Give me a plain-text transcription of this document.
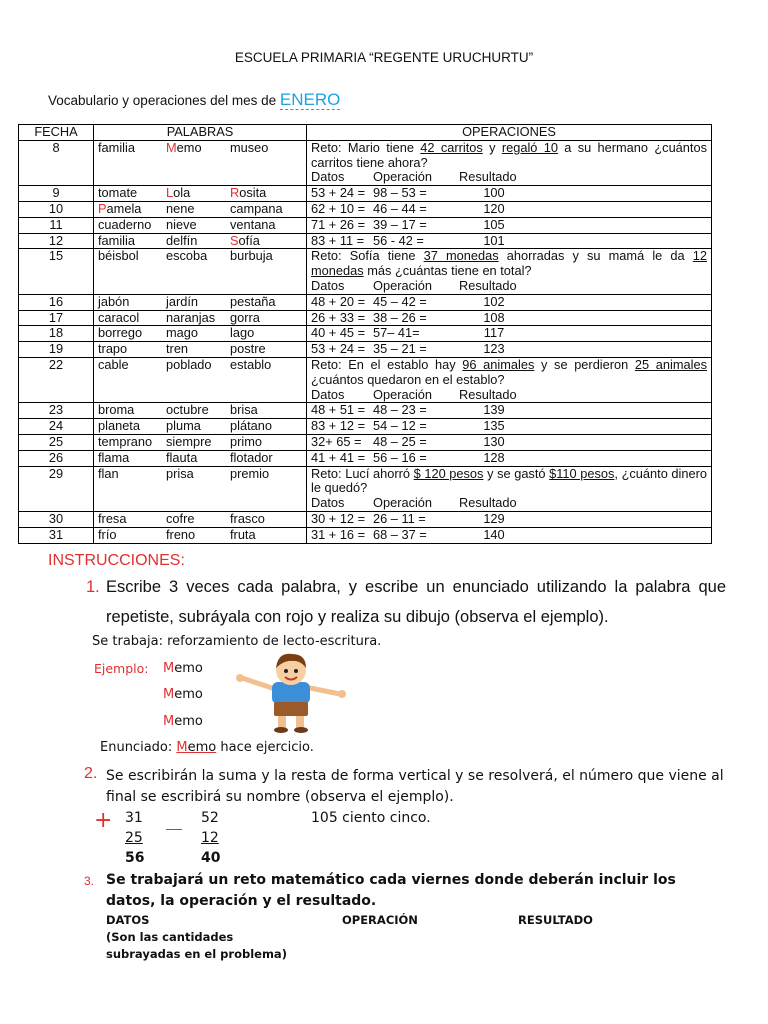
ESCUELA PRIMARIA “REGENTE URUCHURTU”
Vocabulario y operaciones del mes de ENERO
FECHA	PALABRAS	OPERACIONES
8	familia Memo museo	Reto: Mario tiene 42 carritos y regaló 10 a su hermano ¿cuántos carritos tiene ahora?
Datos Operación Resultado

9	tomate Lola Rosita	53 + 24 = 98 – 53 = 100

10	Pamela nene campana	62 + 10 = 46 – 44 = 120

11	cuaderno nieve ventana	71 + 26 = 39 – 17 = 105

12	familia delfín Sofía	83 + 11 = 56 - 42 = 101

15	béisbol escoba burbuja	Reto: Sofía tiene 37 monedas ahorradas y su mamá le da 12 monedas más ¿cuántas tiene en total?
Datos Operación Resultado

16	jabón jardín pestaña	48 + 20 = 45 – 42 = 102

17	caracol naranjas gorra	26 + 33 = 38 – 26 = 108

18	borrego mago lago	40 + 45 = 57– 41= 117

19	trapo tren postre	53 + 24 = 35 – 21 = 123

22	cable poblado establo	Reto: En el establo hay 96 animales y se perdieron 25 animales ¿cuántos quedaron en el establo?
Datos Operación Resultado

23	broma octubre brisa	48 + 51 = 48 – 23 = 139

24	planeta pluma plátano	83 + 12 = 54 – 12 = 135

25	temprano siempre primo	32+ 65 = 48 – 25 = 130

26	flama flauta flotador	41 + 41 = 56 – 16 = 128

29	flan prisa premio	Reto: Lucí ahorró $ 120 pesos y se gastó $110 pesos, ¿cuánto dinero le quedó?
Datos Operación Resultado

30	fresa cofre frasco	30 + 12 = 26 – 11 = 129

31	frío freno fruta	31 + 16 = 68 – 37 = 140
INSTRUCCIONES:
1. Escribe 3 veces cada palabra, y escribe un enunciado utilizando la palabra que repetiste, subráyala con rojo y realiza su dibujo (observa el ejemplo).
Se trabaja: reforzamiento de lecto-escritura.
Ejemplo: Memo
Memo
Memo
Enunciado: Memo hace ejercicio.
2. Se escribirán la suma y la resta de forma vertical y se resolverá, el número que viene al final se escribirá su nombre (observa el ejemplo).
+ 31
25
56
52
12
40
105 ciento cinco.
3. Se trabajará un reto matemático cada viernes donde deberán incluir los datos, la operación y el resultado.
DATOS	OPERACIÓN	RESULTADO
(Son las cantidades
subrayadas en el problema)
